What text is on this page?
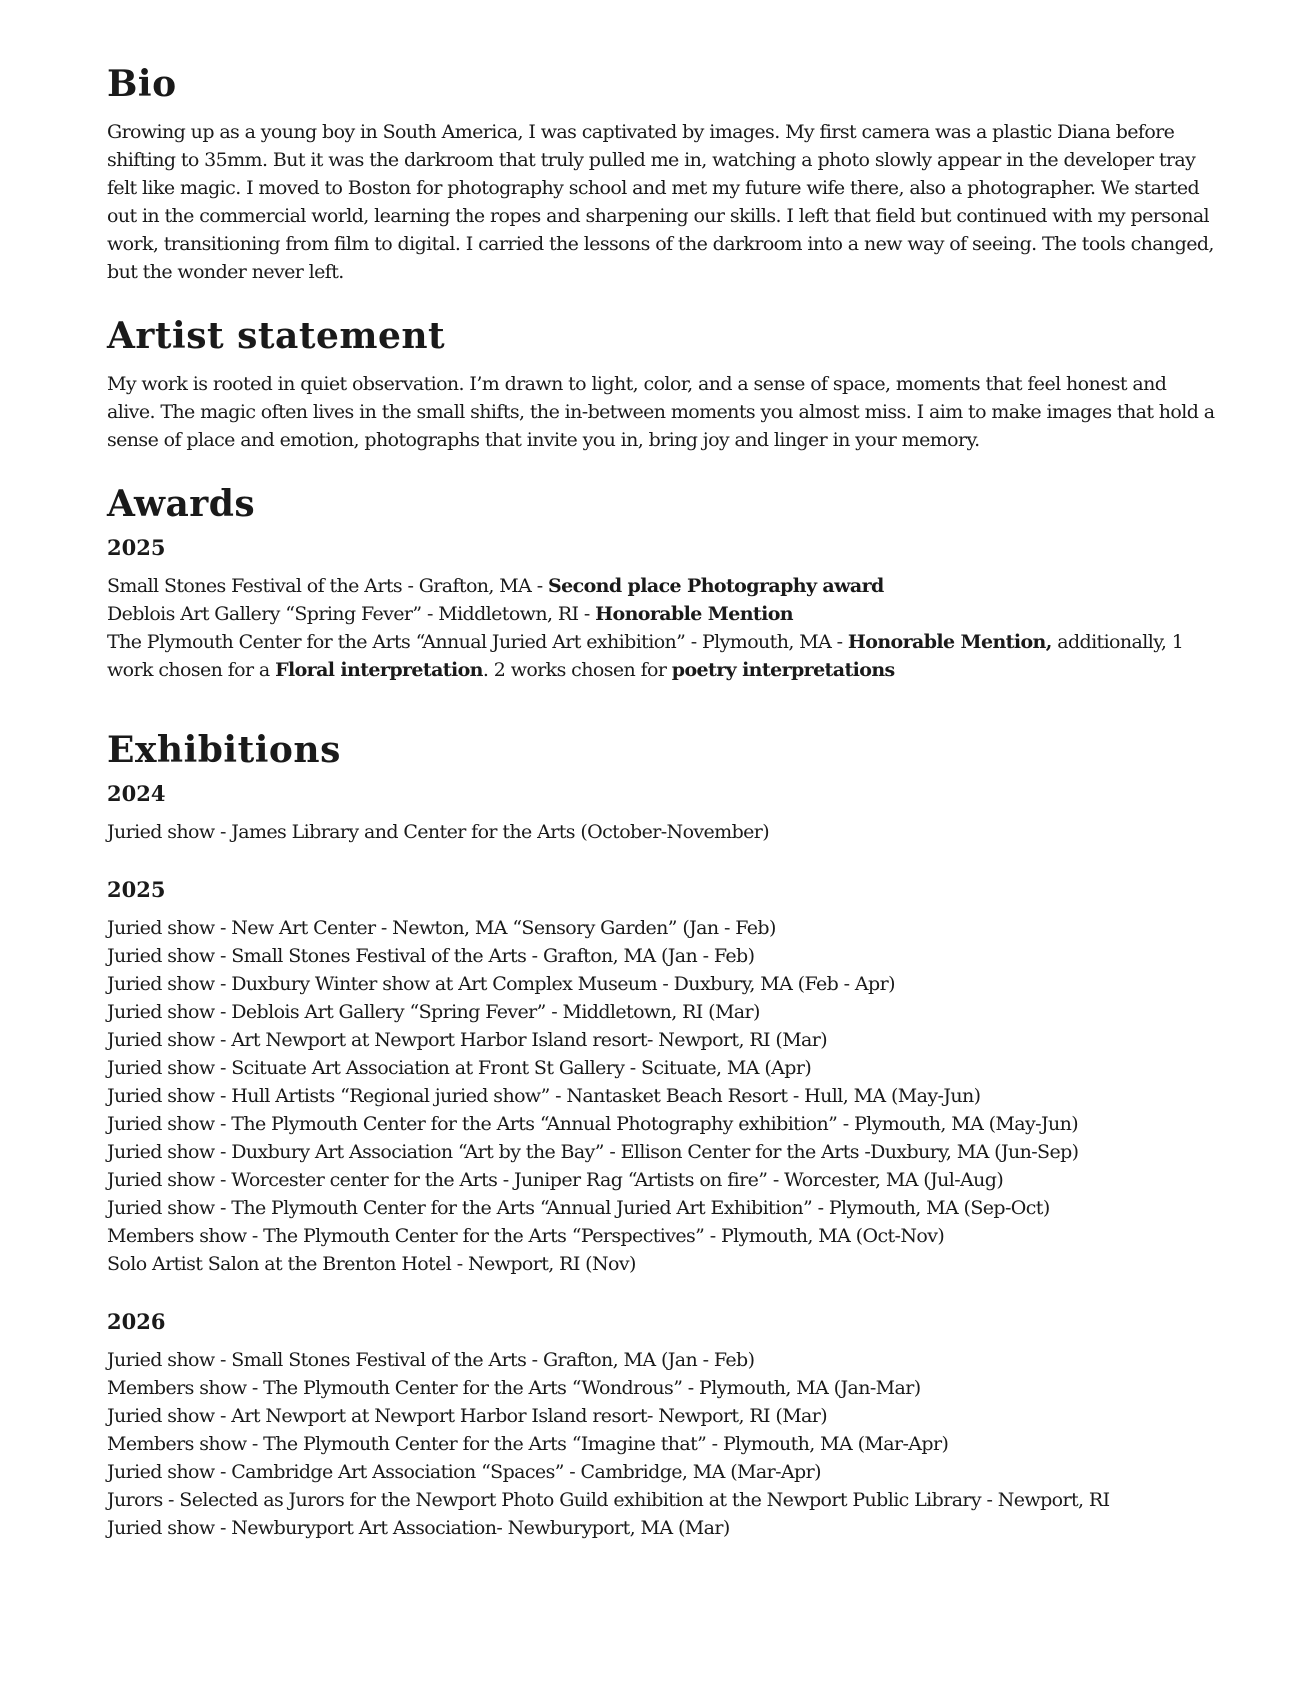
Bio

Growing up as a young boy in South America, I was captivated by images. My first camera was a plastic Diana before shifting to 35mm. But it was the darkroom that truly pulled me in, watching a photo slowly appear in the developer tray felt like magic. I moved to Boston for photography school and met my future wife there, also a photographer. We started out in the commercial world, learning the ropes and sharpening our skills. I left that field but continued with my personal work, transitioning from film to digital. I carried the lessons of the darkroom into a new way of seeing. The tools changed, but the wonder never left.

Artist statement

My work is rooted in quiet observation. I’m drawn to light, color, and a sense of space, moments that feel honest and alive. The magic often lives in the small shifts, the in-between moments you almost miss. I aim to make images that hold a sense of place and emotion, photographs that invite you in, bring joy and linger in your memory.

Awards
2025
Small Stones Festival of the Arts - Grafton, MA - Second place Photography award
Deblois Art Gallery “Spring Fever” - Middletown, RI - Honorable Mention
The Plymouth Center for the Arts “Annual Juried Art exhibition” - Plymouth, MA - Honorable Mention, additionally, 1 work chosen for a Floral interpretation. 2 works chosen for poetry interpretations
Exhibitions
2024
Juried show - James Library and Center for the Arts (October-November)
2025
Juried show - New Art Center - Newton, MA “Sensory Garden” (Jan - Feb)
Juried show - Small Stones Festival of the Arts - Grafton, MA (Jan - Feb)
Juried show - Duxbury Winter show at Art Complex Museum - Duxbury, MA (Feb - Apr)
Juried show - Deblois Art Gallery “Spring Fever” - Middletown, RI (Mar)
Juried show - Art Newport at Newport Harbor Island resort- Newport, RI (Mar)
Juried show - Scituate Art Association at Front St Gallery - Scituate, MA (Apr)
Juried show - Hull Artists “Regional juried show” - Nantasket Beach Resort - Hull, MA (May-Jun)
Juried show - The Plymouth Center for the Arts “Annual Photography exhibition” - Plymouth, MA (May-Jun)
Juried show - Duxbury Art Association “Art by the Bay” - Ellison Center for the Arts -Duxbury, MA (Jun-Sep)
Juried show - Worcester center for the Arts - Juniper Rag “Artists on fire” - Worcester, MA (Jul-Aug)
Juried show - The Plymouth Center for the Arts “Annual Juried Art Exhibition” - Plymouth, MA (Sep-Oct)
Members show - The Plymouth Center for the Arts “Perspectives” - Plymouth, MA (Oct-Nov)
Solo Artist Salon at the Brenton Hotel - Newport, RI (Nov)
2026
Juried show - Small Stones Festival of the Arts - Grafton, MA (Jan - Feb)
Members show - The Plymouth Center for the Arts “Wondrous” - Plymouth, MA (Jan-Mar)
Juried show - Art Newport at Newport Harbor Island resort- Newport, RI (Mar)
Members show - The Plymouth Center for the Arts “Imagine that” - Plymouth, MA (Mar-Apr)
Juried show - Cambridge Art Association “Spaces” - Cambridge, MA (Mar-Apr)
Jurors - Selected as Jurors for the Newport Photo Guild exhibition at the Newport Public Library - Newport, RI
Juried show - Newburyport Art Association- Newburyport, MA (Mar)
